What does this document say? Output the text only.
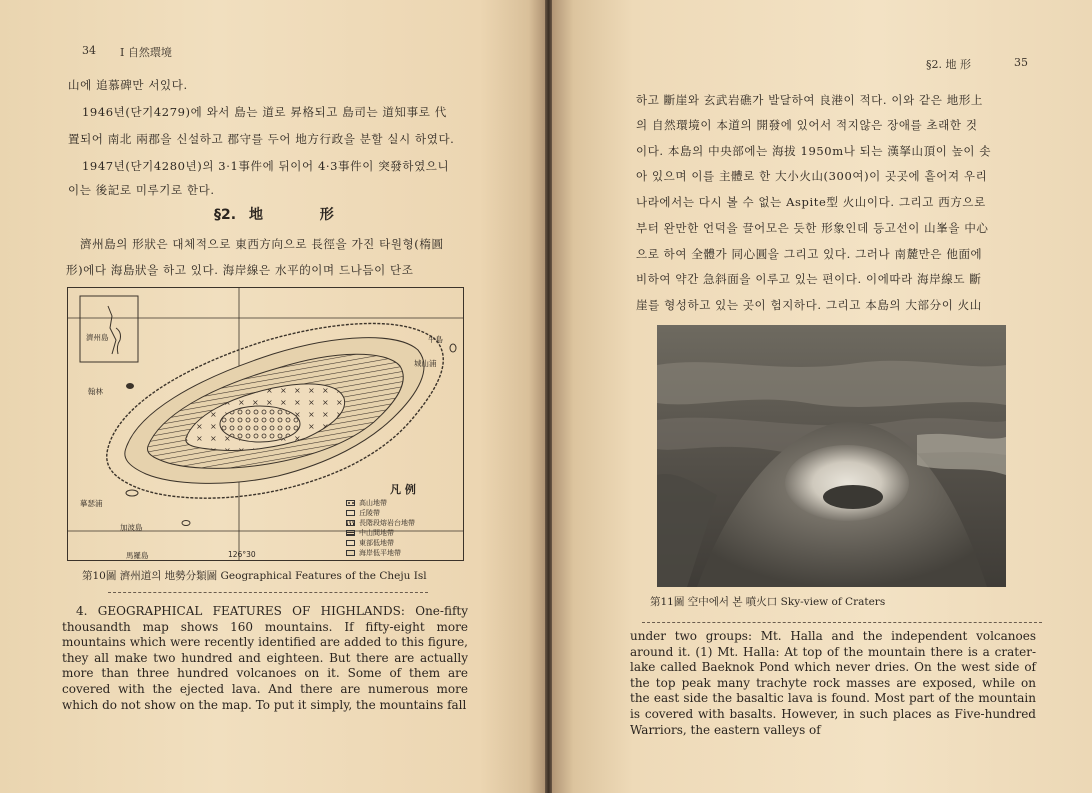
34 I 自然環境
山에 追慕碑만 서있다.
1946년(단기4279)에 와서 島는 道로 昇格되고 島司는 道知事로 代
置되어 南北 兩郡을 신설하고 郡守를 두어 地方行政을 분할 실시 하였다.
1947년(단기4280년)의 3·1事件에 뒤이어 4·3事件이 突發하였으니
이는 後記로 미루기로 한다.
§2. 地 形
濟州島의 形狀은 대체적으로 東西方向으로 長徑을 가진 타원형(楕圓
形)에다 海島狀을 하고 있다. 海岸線은 水平的이며 드나듬이 단조
濟州島
翰林
摹瑟浦
加波島
馬羅島
牛島
城山浦
126°30
凡 例
高山地帶
丘陵帶
長階段熔岩台地帶
中山間地帶
東部低地帶
海岸低平地帶
第10圖 濟州道의 地勢分類圖 Geographical Features of the Cheju Isl

4. GEOGRAPHICAL FEATURES OF HIGHLANDS: One-fifty thousandth map shows 160 mountains. If fifty-eight more mountains which were recently identified are added to this figure, they all make two hundred and eighteen. But there are actually more than three hundred volcanoes on it. Some of them are covered with the ejected lava. And there are numerous more which do not show on the map. To put it simply, the mountains fall

§2. 地 形	35
하고 斷崖와 玄武岩礁가 발달하여 良港이 적다. 이와 같은 地形上
의 自然環境이 本道의 開發에 있어서 적지않은 장애를 초래한 것
이다. 本島의 中央部에는 海拔 1950m나 되는 漢拏山頂이 높이 솟
아 있으며 이를 主體로 한 大小火山(300여)이 곳곳에 흩어져 우리
나라에서는 다시 볼 수 없는 Aspite型 火山이다. 그리고 西方으로
부터 완만한 언덕을 끌어모은 듯한 形象인데 등고선이 山峯을 中心
으로 하여 全體가 同心圓을 그리고 있다. 그러나 南麓만은 他面에
비하여 약간 急斜面을 이루고 있는 편이다. 이에따라 海岸線도 斷
崖를 형성하고 있는 곳이 험지하다. 그리고 本島의 大部分이 火山
第11圖 空中에서 본 噴火口 Sky-view of Craters

under two groups: Mt. Halla and the independent volcanoes around it. (1) Mt. Halla: At top of the mountain there is a crater-lake called Baeknok Pond which never dries. On the west side of the top peak many trachyte rock masses are exposed, while on the east side the basaltic lava is found. Most part of the mountain is covered with basalts. However, in such places as Five-hundred Warriors, the eastern valleys of
